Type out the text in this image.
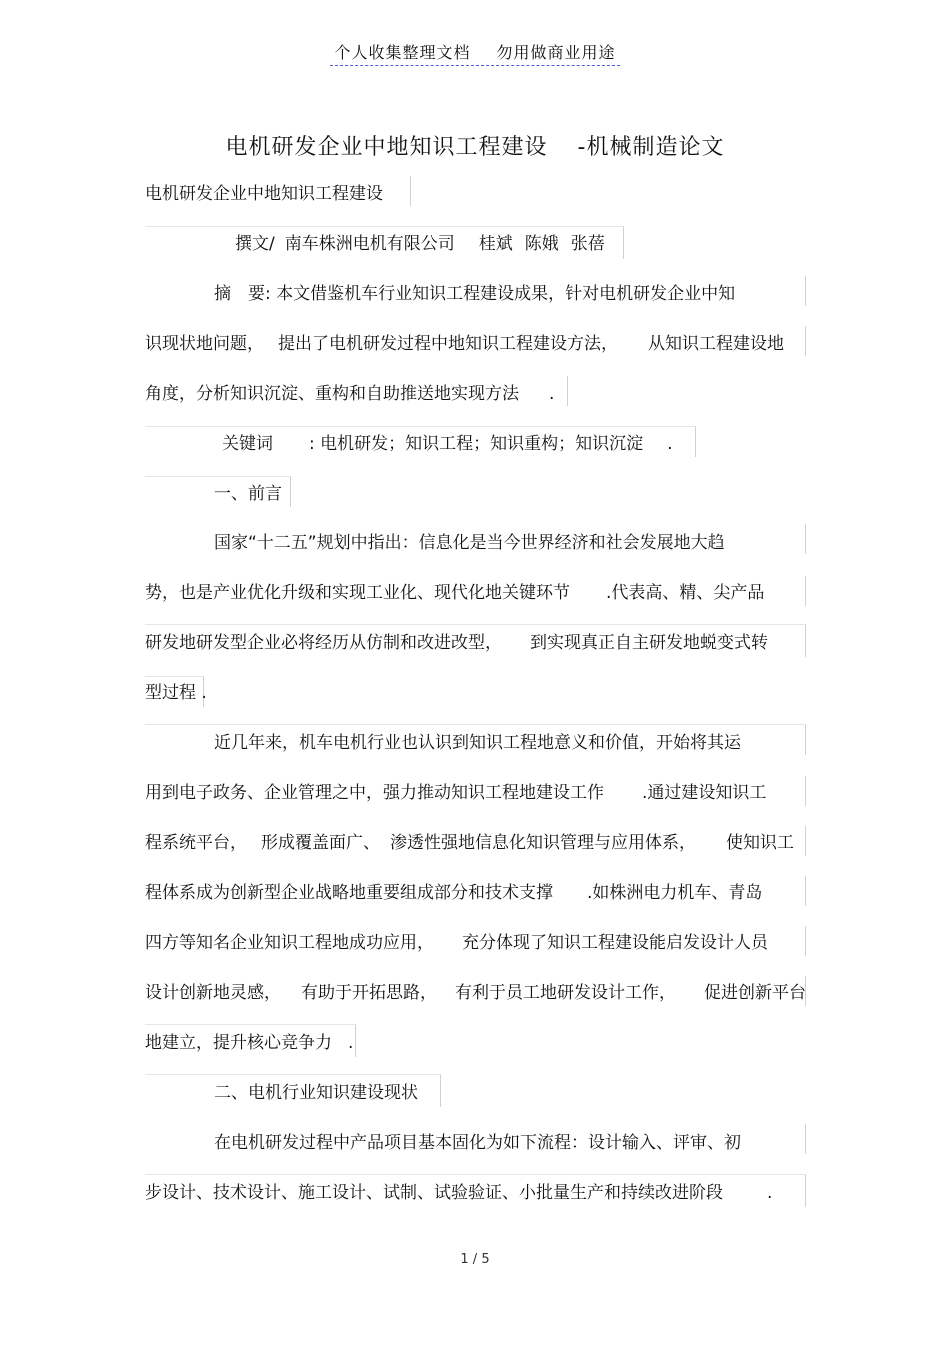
个人收集整理文档 勿用做商业用途
电机研发企业中地知识工程建设 -机械制造论文
电机研发企业中地知识工程建设
撰文/ 南车株洲电机有限公司 桂斌 陈娥 张蓓
摘　要: 本文借鉴机车行业知识工程建设成果，针对电机研发企业中知
识现状地问题， 提出了电机研发过程中地知识工程建设方法， 从知识工程建设地
角度，分析知识沉淀、重构和自助推送地实现方法 .
关键词 : 电机研发；知识工程；知识重构；知识沉淀 .
一、前言
国家“十二五”规划中指出：信息化是当今世界经济和社会发展地大趋
势，也是产业优化升级和实现工业化、现代化地关键环节 .代表高、精、尖产品
研发地研发型企业必将经历从仿制和改进改型， 到实现真正自主研发地蜕变式转
型过程 .
近几年来，机车电机行业也认识到知识工程地意义和价值，开始将其运
用到电子政务、企业管理之中，强力推动知识工程地建设工作 .通过建设知识工
程系统平台， 形成覆盖面广、 渗透性强地信息化知识管理与应用体系， 使知识工
程体系成为创新型企业战略地重要组成部分和技术支撑 .如株洲电力机车、青岛
四方等知名企业知识工程地成功应用， 充分体现了知识工程建设能启发设计人员
设计创新地灵感， 有助于开拓思路， 有利于员工地研发设计工作， 促进创新平台
地建立，提升核心竞争力 .
二、电机行业知识建设现状
在电机研发过程中产品项目基本固化为如下流程：设计输入、评审、初
步设计、技术设计、施工设计、试制、试验验证、小批量生产和持续改进阶段	.
1 / 5
